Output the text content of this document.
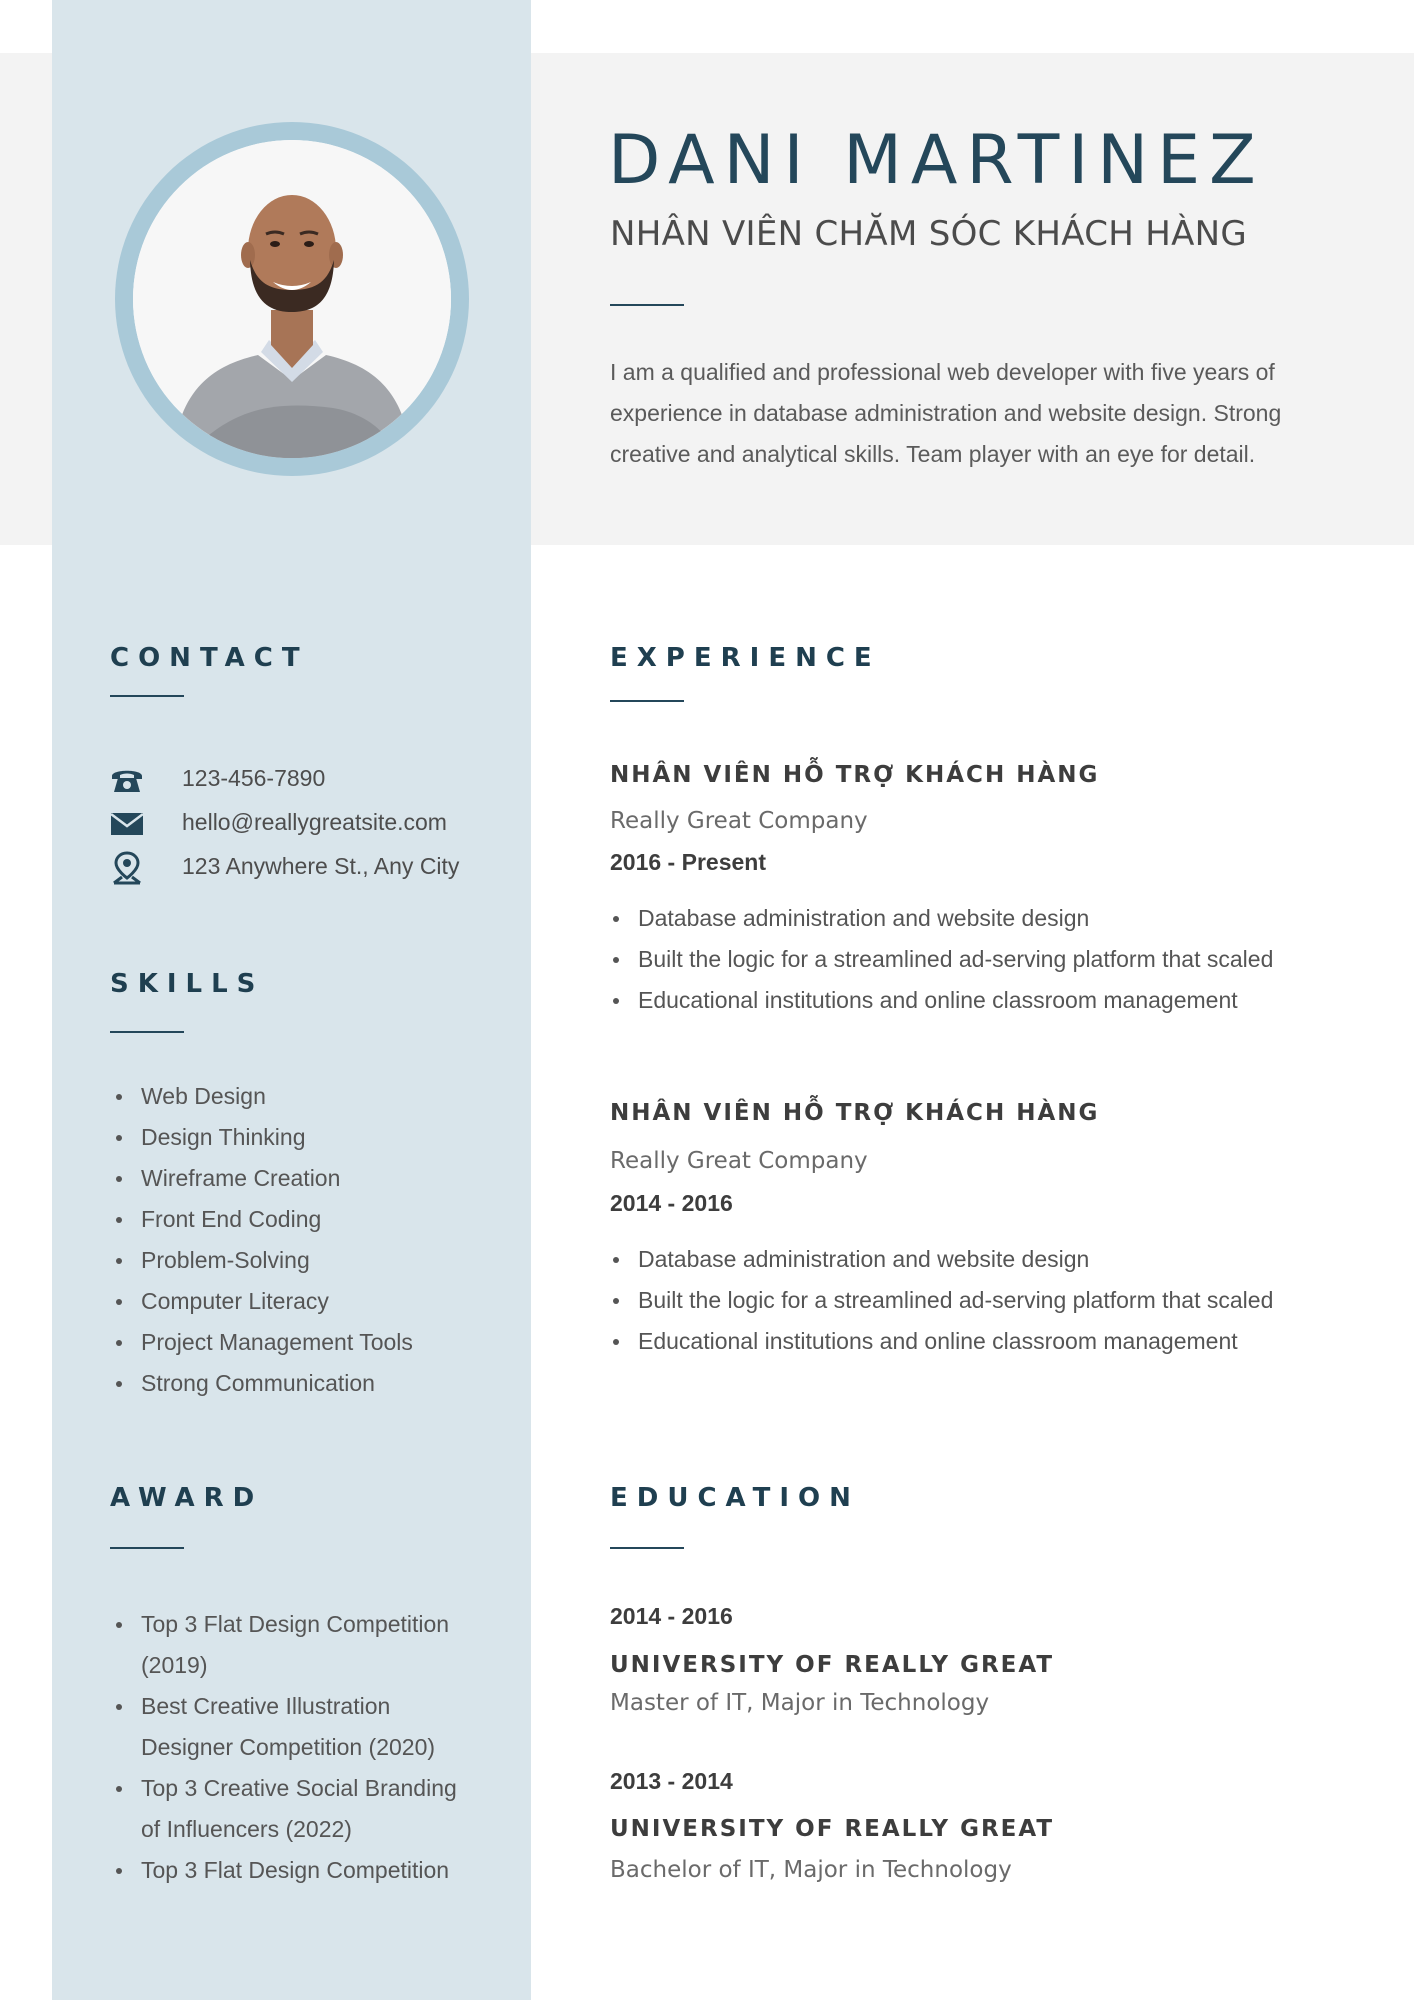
DANI MARTINEZ
NHÂN VIÊN CHĂM SÓC KHÁCH HÀNG

I am a qualified and professional web developer with five years of experience in database administration and website design. Strong creative and analytical skills. Team player with an eye for detail.

CONTACT
123-456-7890
hello@reallygreatsite.com
123 Anywhere St., Any City
SKILLS
Web Design
Design Thinking
Wireframe Creation
Front End Coding
Problem-Solving
Computer Literacy
Project Management Tools
Strong Communication
AWARD
Top 3 Flat Design Competition (2019)
Best Creative Illustration Designer Competition (2020)
Top 3 Creative Social Branding of Influencers (2022)
Top 3 Flat Design Competition
EXPERIENCE
NHÂN VIÊN HỖ TRỢ KHÁCH HÀNG
Really Great Company
2016 - Present
Database administration and website design
Built the logic for a streamlined ad-serving platform that scaled
Educational institutions and online classroom management
NHÂN VIÊN HỖ TRỢ KHÁCH HÀNG
Really Great Company
2014 - 2016
Database administration and website design
Built the logic for a streamlined ad-serving platform that scaled
Educational institutions and online classroom management
EDUCATION
2014 - 2016
UNIVERSITY OF REALLY GREAT
Master of IT, Major in Technology
2013 - 2014
UNIVERSITY OF REALLY GREAT
Bachelor of IT, Major in Technology
